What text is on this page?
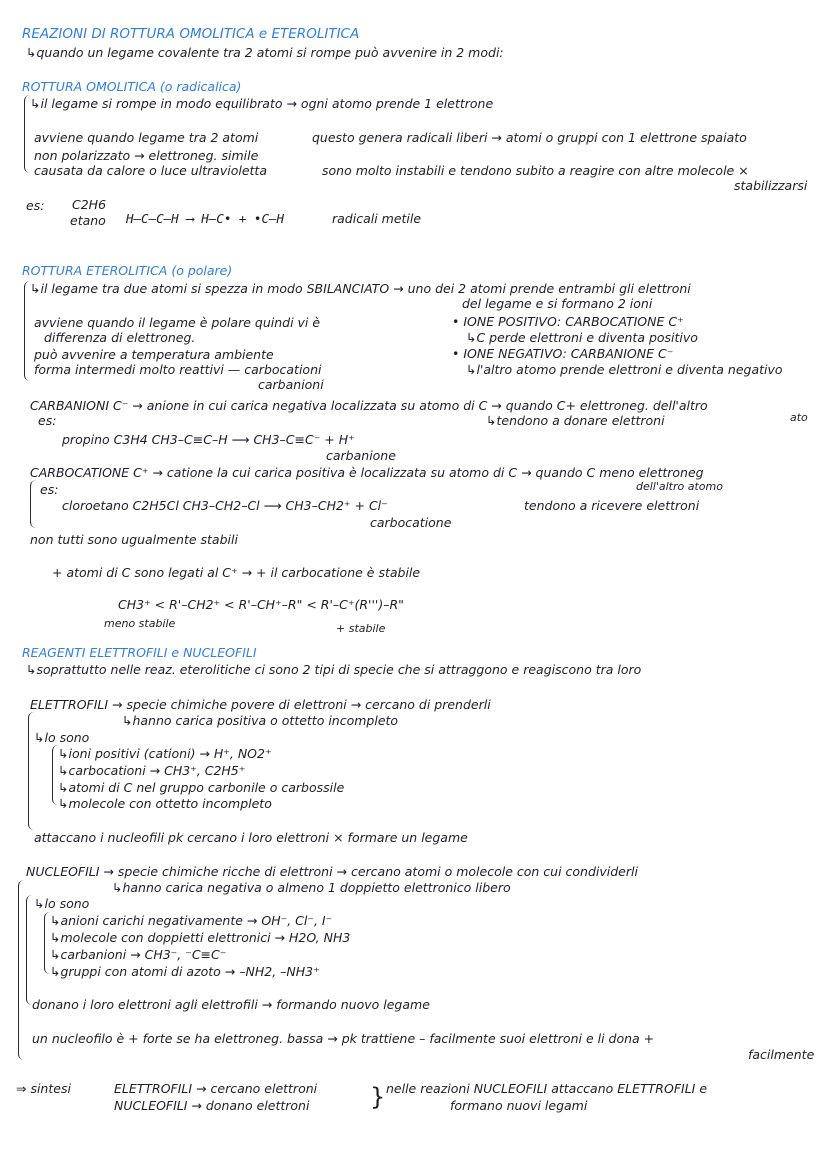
REAZIONI DI ROTTURA OMOLITICA e ETEROLITICA
↳quando un legame covalente tra 2 atomi si rompe può avvenire in 2 modi:
ROTTURA OMOLITICA (o radicalica)
↳il legame si rompe in modo equilibrato → ogni atomo prende 1 elettrone
avviene quando legame tra 2 atomi
non polarizzato → elettroneg. simile
questo genera radicali liberi → atomi o gruppi con 1 elettrone spaiato
causata da calore o luce ultravioletta	sono molto instabili e tendono subito a reagire con altre molecole ×
stabilizzarsi
es: C2H6
etano H–C–C–H ⟶ H–C• + •C–H	radicali metile
ROTTURA ETEROLITICA (o polare)
↳il legame tra due atomi si spezza in modo SBILANCIATO → uno dei 2 atomi prende entrambi gli elettroni
del legame e si formano 2 ioni
avviene quando il legame è polare quindi vi è
differenza di elettroneg.
può avvenire a temperatura ambiente
forma intermedi molto reattivi — carbocationi
carbanioni
• IONE POSITIVO: CARBOCATIONE C⁺
↳C perde elettroni e diventa positivo
• IONE NEGATIVO: CARBANIONE C⁻
↳l'altro atomo prende elettroni e diventa negativo
CARBANIONI C⁻ → anione in cui carica negativa localizzata su atomo di C → quando C+ elettroneg. dell'altro
ato
es:	↳tendono a donare elettroni
propino C3H4 CH3–C≡C–H ⟶ CH3–C≡C⁻ + H⁺
carbanione
CARBOCATIONE C⁺ → catione la cui carica positiva è localizzata su atomo di C → quando C meno elettroneg
dell'altro atomo
es:
cloroetano C2H5Cl CH3–CH2–Cl ⟶ CH3–CH2⁺ + Cl⁻	tendono a ricevere elettroni
carbocatione
non tutti sono ugualmente stabili
+ atomi di C sono legati al C⁺ → + il carbocatione è stabile
CH3⁺ < R'–CH2⁺ < R'–CH⁺–R" < R'–C⁺(R''')–R"
meno stabile	+ stabile
REAGENTI ELETTROFILI e NUCLEOFILI
↳soprattutto nelle reaz. eterolitiche ci sono 2 tipi di specie che si attraggono e reagiscono tra loro
ELETTROFILI → specie chimiche povere di elettroni → cercano di prenderli
↳hanno carica positiva o ottetto incompleto
↳lo sono
↳ioni positivi (cationi) → H⁺, NO2⁺
↳carbocationi → CH3⁺, C2H5⁺
↳atomi di C nel gruppo carbonile o carbossile
↳molecole con ottetto incompleto
attaccano i nucleofili pk cercano i loro elettroni × formare un legame
NUCLEOFILI → specie chimiche ricche di elettroni → cercano atomi o molecole con cui condividerli
↳hanno carica negativa o almeno 1 doppietto elettronico libero
↳lo sono
↳anioni carichi negativamente → OH⁻, Cl⁻, I⁻
↳molecole con doppietti elettronici → H2O, NH3
↳carbanioni → CH3⁻, ⁻C≡C⁻
↳gruppi con atomi di azoto → –NH2, –NH3⁺
donano i loro elettroni agli elettrofili → formando nuovo legame
un nucleofilo è + forte se ha elettroneg. bassa → pk trattiene – facilmente suoi elettroni e li dona +
facilmente
⇒ sintesi	ELETTROFILI → cercano elettroni
NUCLEOFILI → donano elettroni	} nelle reazioni NUCLEOFILI attaccano ELETTROFILI e
formano nuovi legami
